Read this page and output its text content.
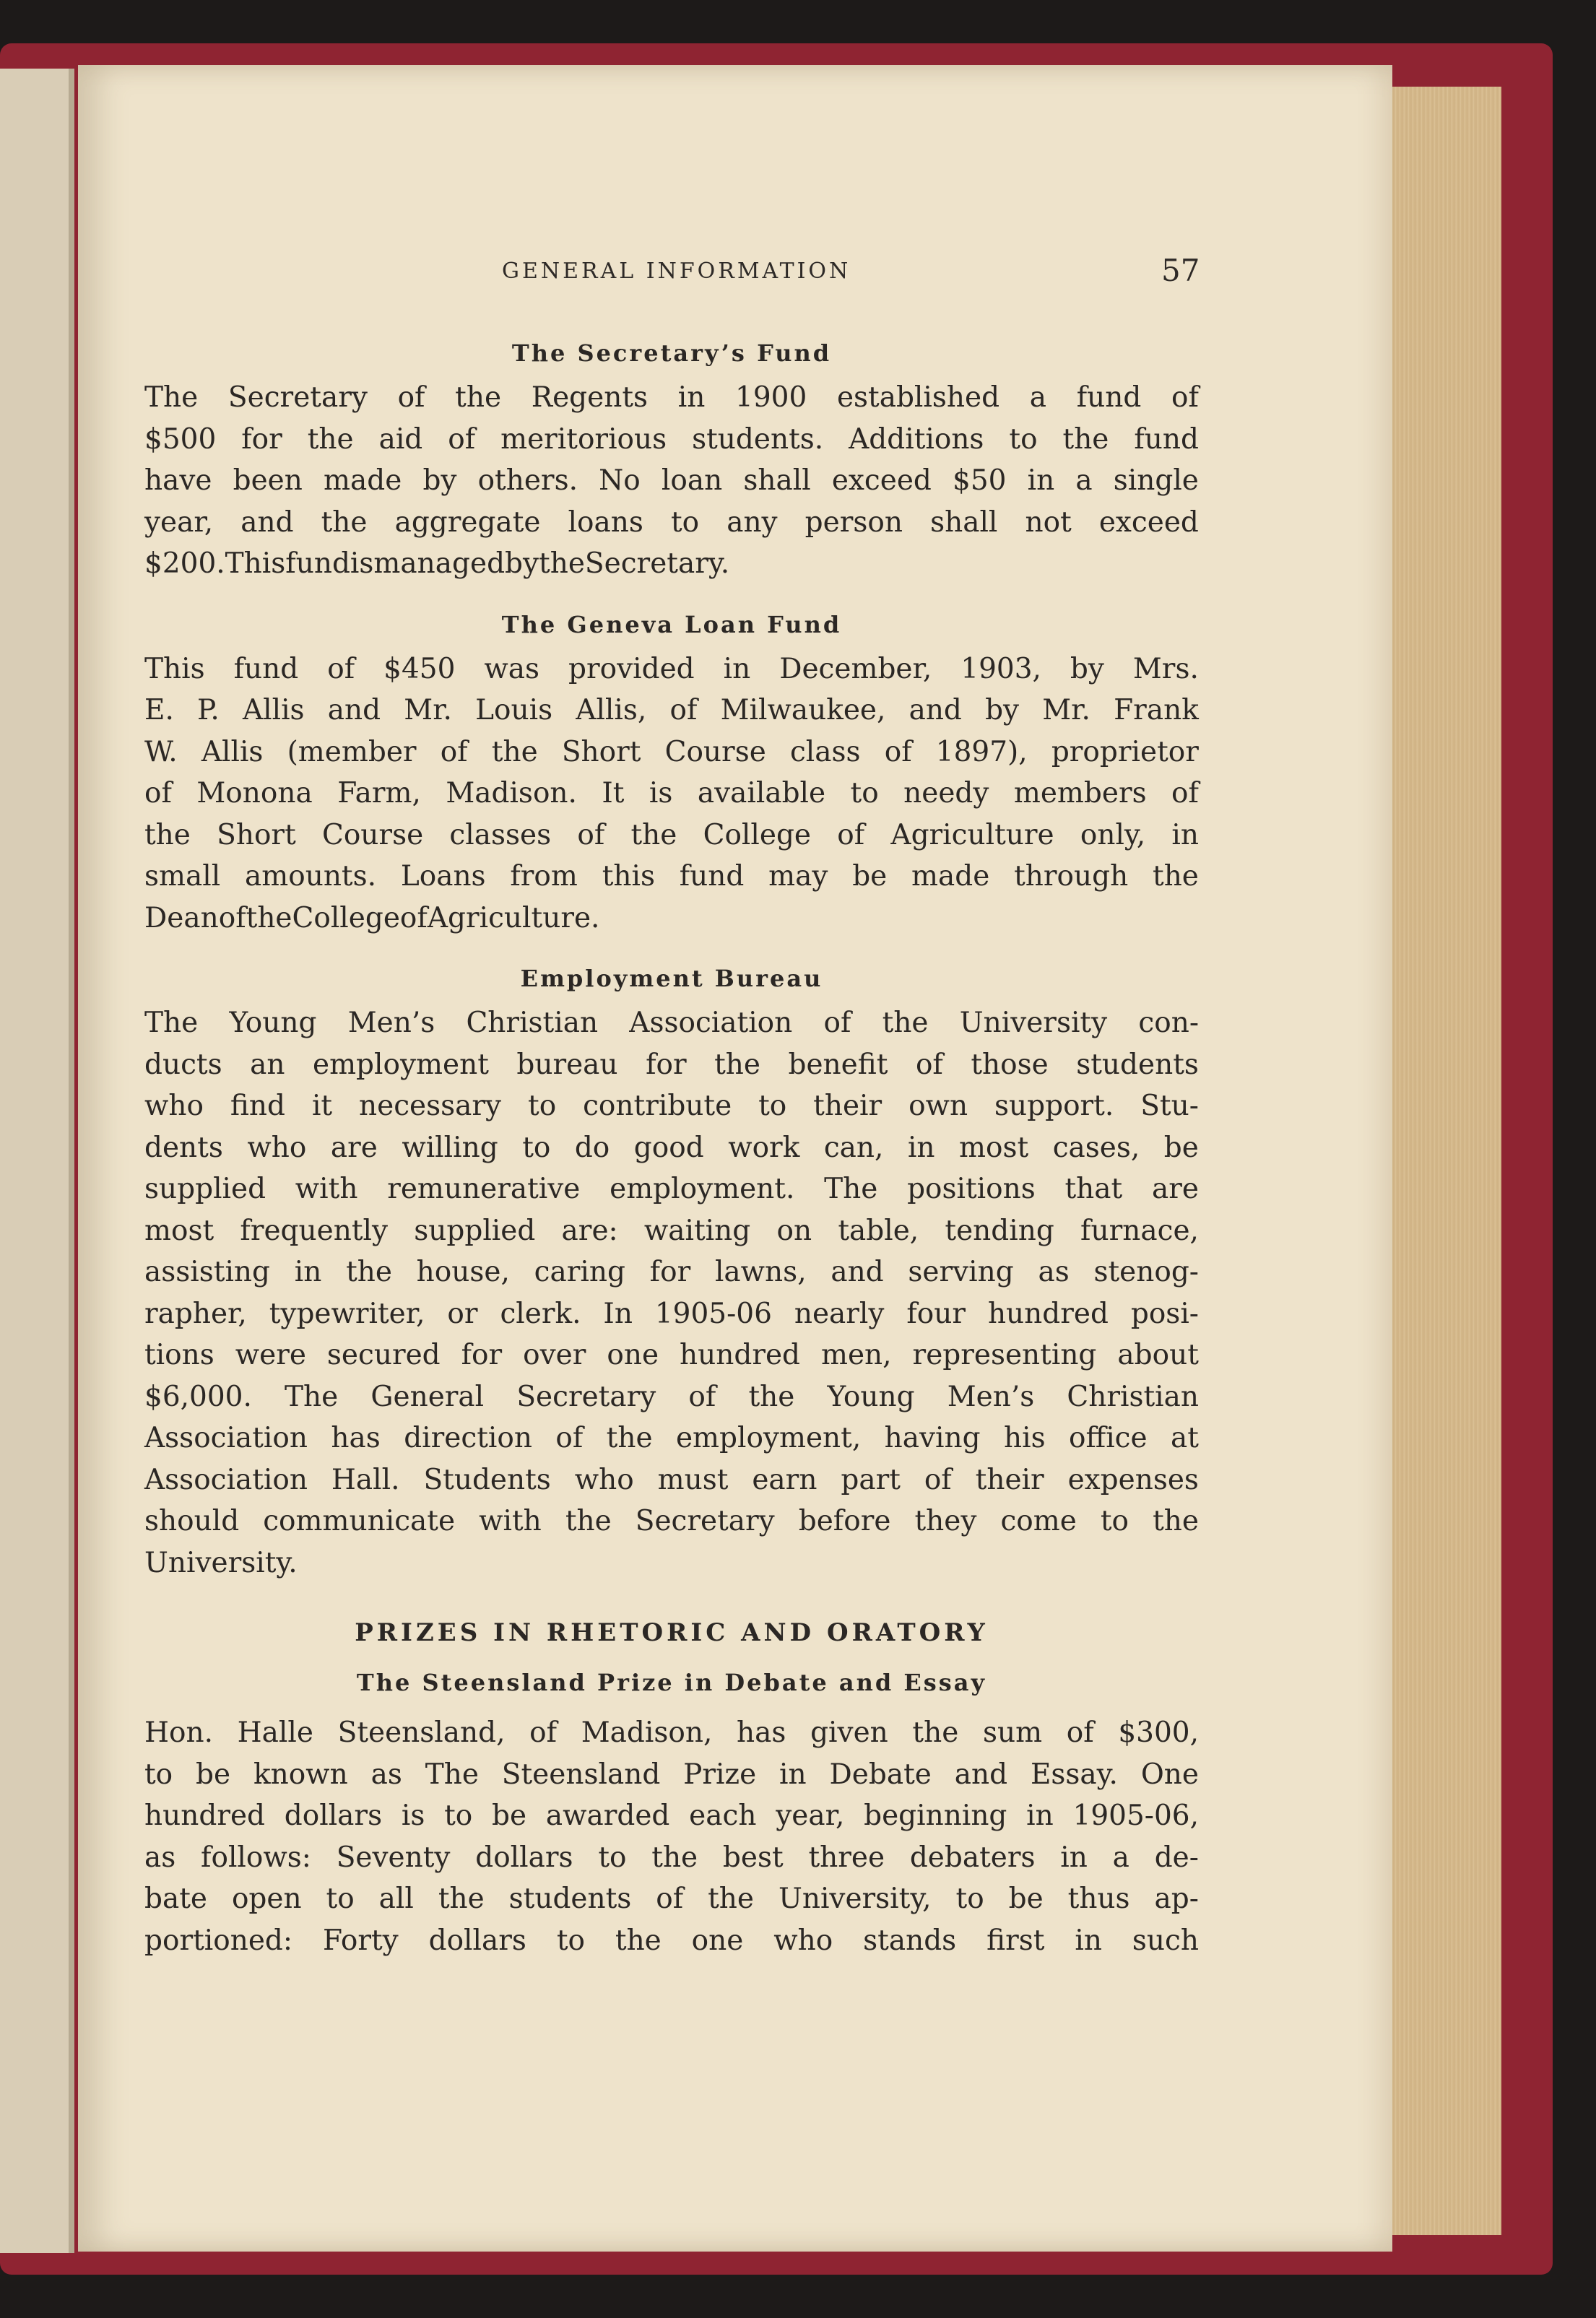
GENERAL INFORMATION	57
The Secretary’s Fund
The Secretary of the Regents in 1900 established a fund of
$500 for the aid of meritorious students. Additions to the fund
have been made by others. No loan shall exceed $50 in a single
year, and the aggregate loans to any person shall not exceed
$200. This fund is managed by the Secretary.
The Geneva Loan Fund
This fund of $450 was provided in December, 1903, by Mrs.
E. P. Allis and Mr. Louis Allis, of Milwaukee, and by Mr. Frank
W. Allis (member of the Short Course class of 1897), proprietor
of Monona Farm, Madison. It is available to needy members of
the Short Course classes of the College of Agriculture only, in
small amounts. Loans from this fund may be made through the
Dean of the College of Agriculture.
Employment Bureau
The Young Men’s Christian Association of the University con-
ducts an employment bureau for the benefit of those students
who find it necessary to contribute to their own support. Stu-
dents who are willing to do good work can, in most cases, be
supplied with remunerative employment. The positions that are
most frequently supplied are: waiting on table, tending furnace,
assisting in the house, caring for lawns, and serving as stenog-
rapher, typewriter, or clerk. In 1905-06 nearly four hundred posi-
tions were secured for over one hundred men, representing about
$6,000. The General Secretary of the Young Men’s Christian
Association has direction of the employment, having his office at
Association Hall. Students who must earn part of their expenses
should communicate with the Secretary before they come to the
University.
PRIZES IN RHETORIC AND ORATORY
The Steensland Prize in Debate and Essay
Hon. Halle Steensland, of Madison, has given the sum of $300,
to be known as The Steensland Prize in Debate and Essay. One
hundred dollars is to be awarded each year, beginning in 1905-06,
as follows: Seventy dollars to the best three debaters in a de-
bate open to all the students of the University, to be thus ap-
portioned: Forty dollars to the one who stands first in such
